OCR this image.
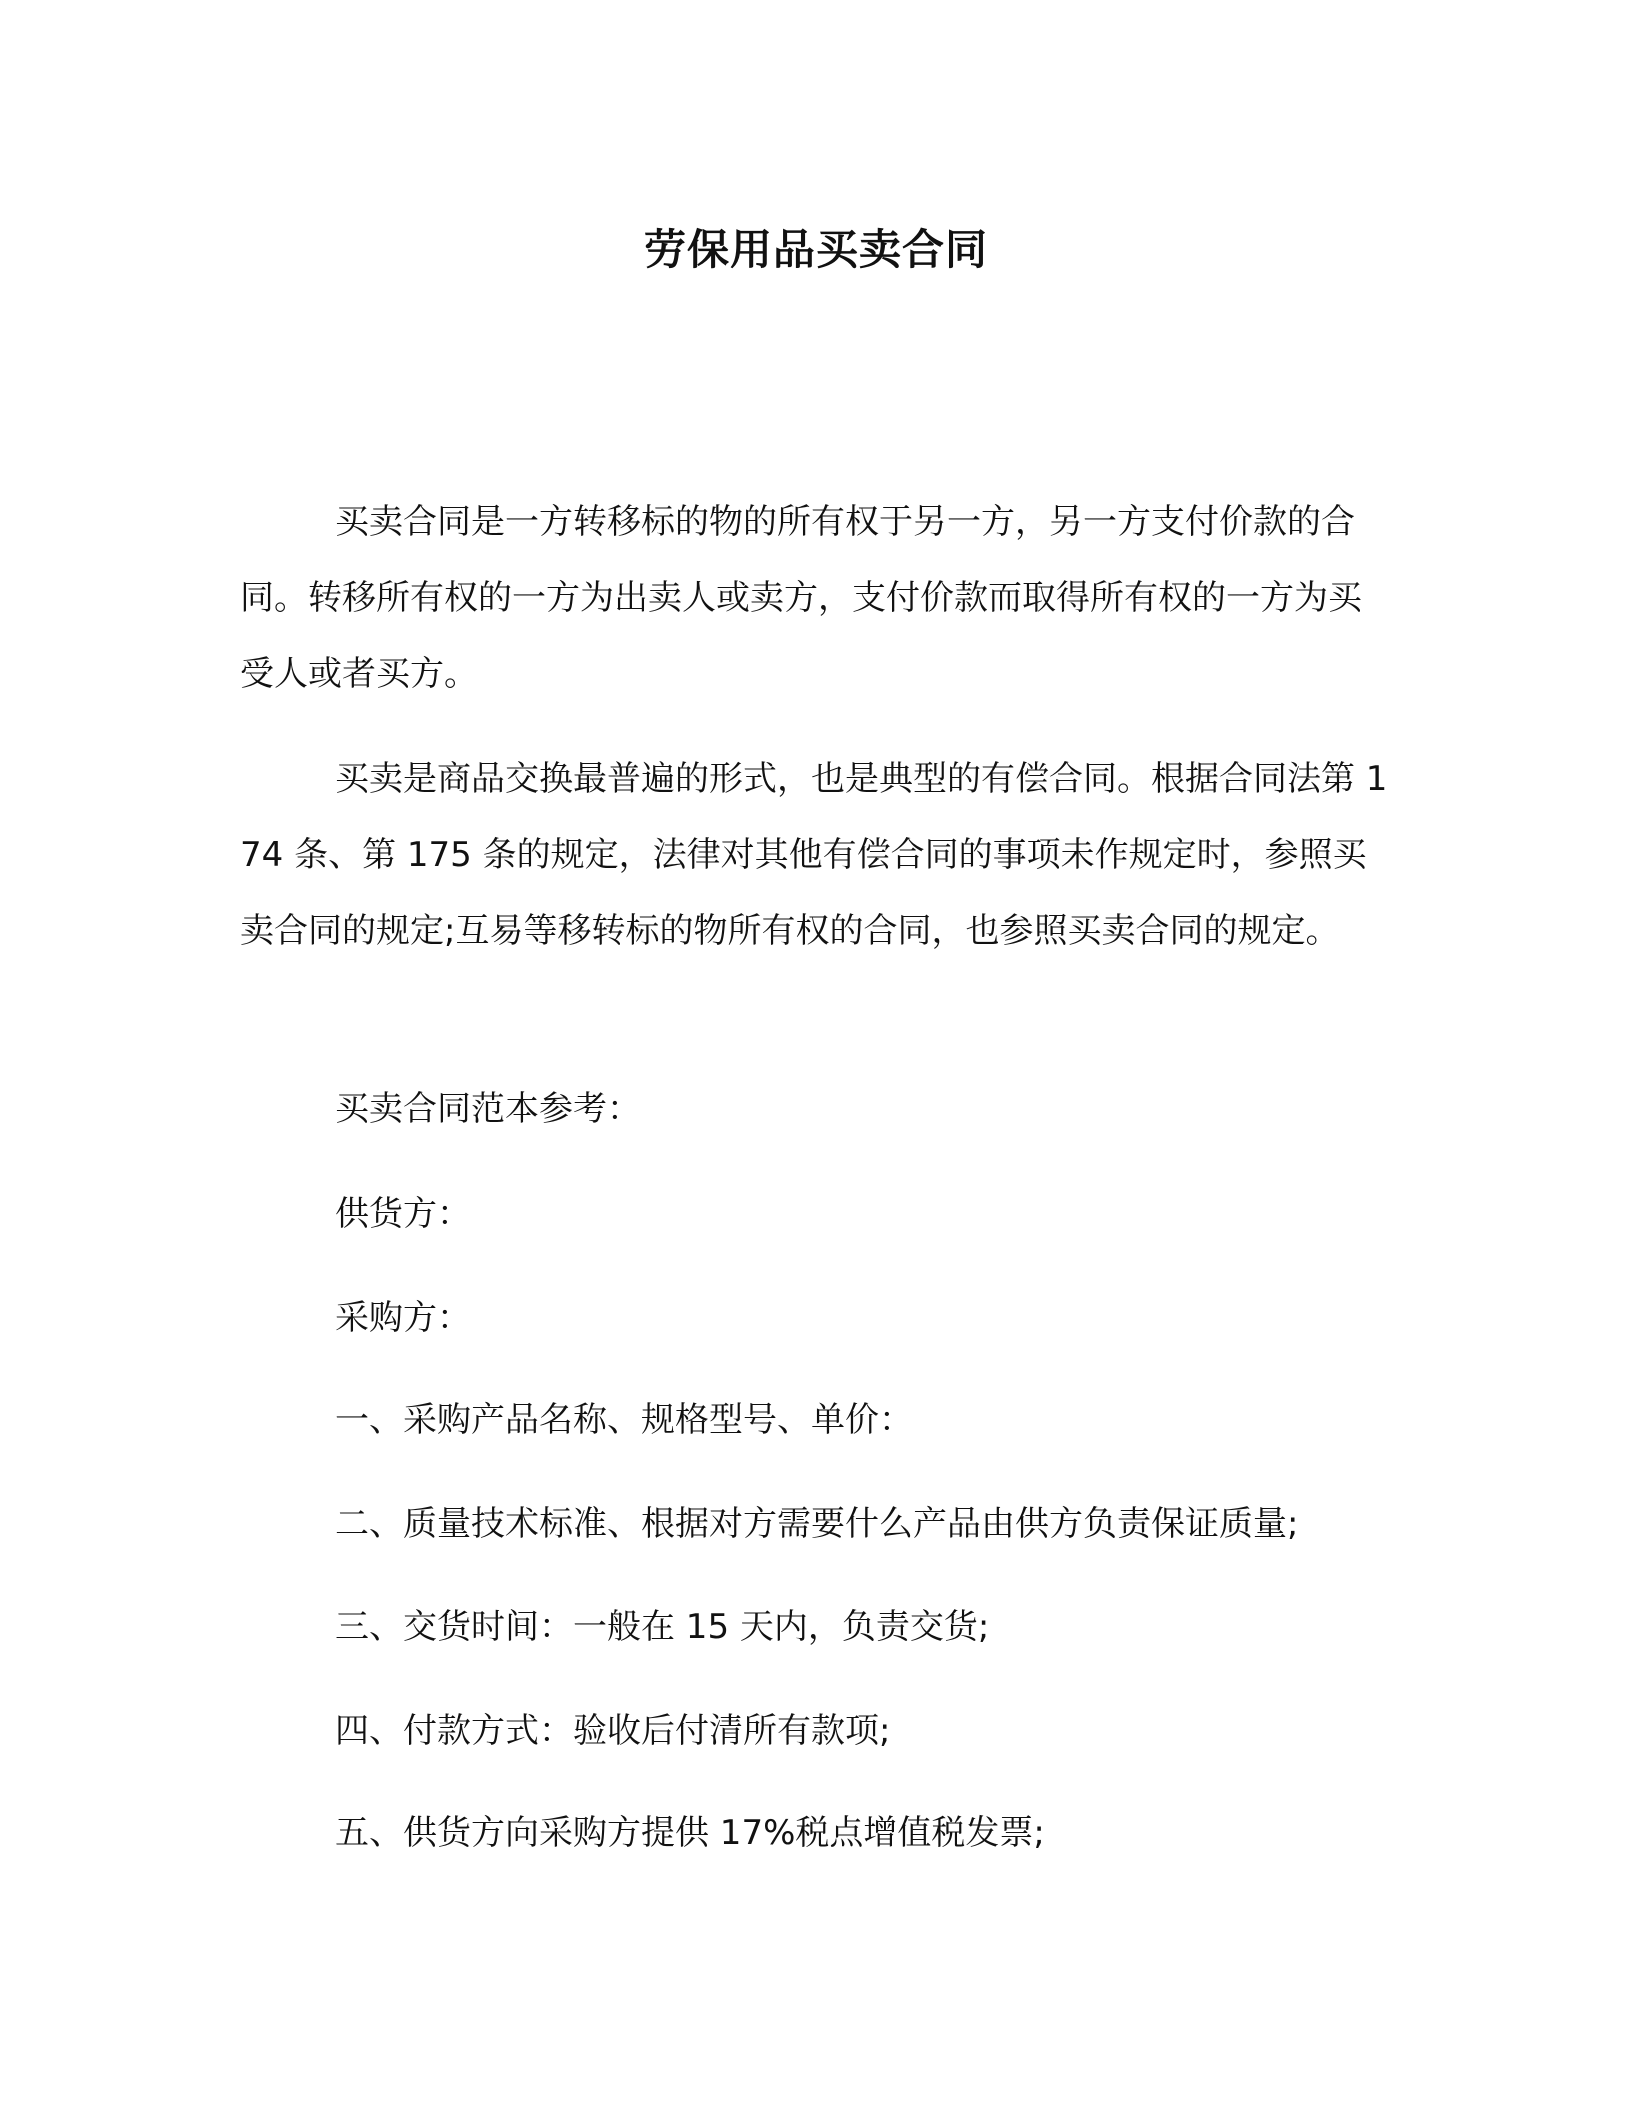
劳保用品买卖合同

买卖合同是一方转移标的物的所有权于另一方，另一方支付价款的合同。转移所有权的一方为出卖人或卖方，支付价款而取得所有权的一方为买受人或者买方。

买卖是商品交换最普遍的形式，也是典型的有偿合同。根据合同法第 174 条、第 175 条的规定，法律对其他有偿合同的事项未作规定时，参照买卖合同的规定;互易等移转标的物所有权的合同，也参照买卖合同的规定。

买卖合同范本参考：

供货方：

采购方：

一、采购产品名称、规格型号、单价：

二、质量技术标准、根据对方需要什么产品由供方负责保证质量;

三、交货时间：一般在 15 天内，负责交货;

四、付款方式：验收后付清所有款项;

五、供货方向采购方提供 17%税点增值税发票;
